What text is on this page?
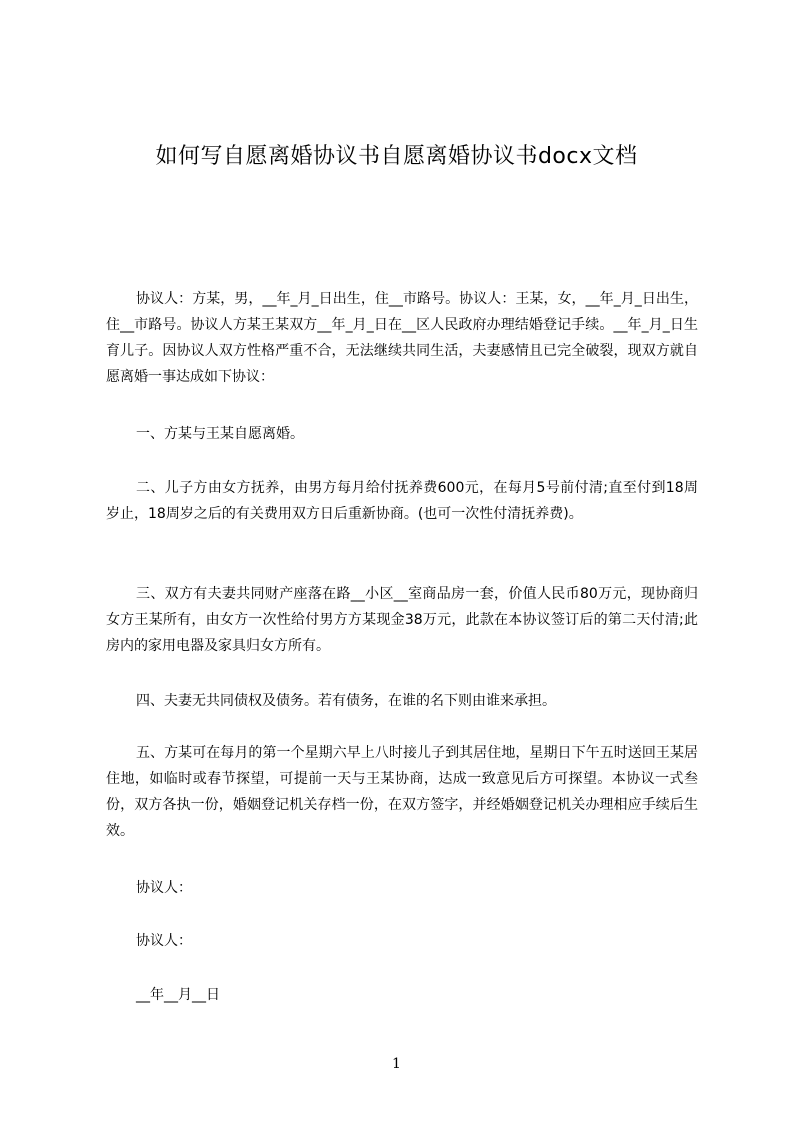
如何写自愿离婚协议书自愿离婚协议书docx文档

协议人：方某，男，__年_月_日出生，住__市路号。协议人：王某，女，__年_月_日出生，住__市路号。协议人方某王某双方__年_月_日在__区人民政府办理结婚登记手续。__年_月_日生育儿子。因协议人双方性格严重不合，无法继续共同生活，夫妻感情且已完全破裂，现双方就自愿离婚一事达成如下协议：

一、方某与王某自愿离婚。

二、儿子方由女方抚养，由男方每月给付抚养费600元，在每月5号前付清;直至付到18周岁止，18周岁之后的有关费用双方日后重新协商。(也可一次性付清抚养费)。

三、双方有夫妻共同财产座落在路__小区__室商品房一套，价值人民币80万元，现协商归女方王某所有，由女方一次性给付男方方某现金38万元，此款在本协议签订后的第二天付清;此房内的家用电器及家具归女方所有。

四、夫妻无共同债权及债务。若有债务，在谁的名下则由谁来承担。

五、方某可在每月的第一个星期六早上八时接儿子到其居住地，星期日下午五时送回王某居住地，如临时或春节探望，可提前一天与王某协商，达成一致意见后方可探望。本协议一式叁份，双方各执一份，婚姻登记机关存档一份，在双方签字，并经婚姻登记机关办理相应手续后生效。

协议人：

协议人：

__年__月__日

1
